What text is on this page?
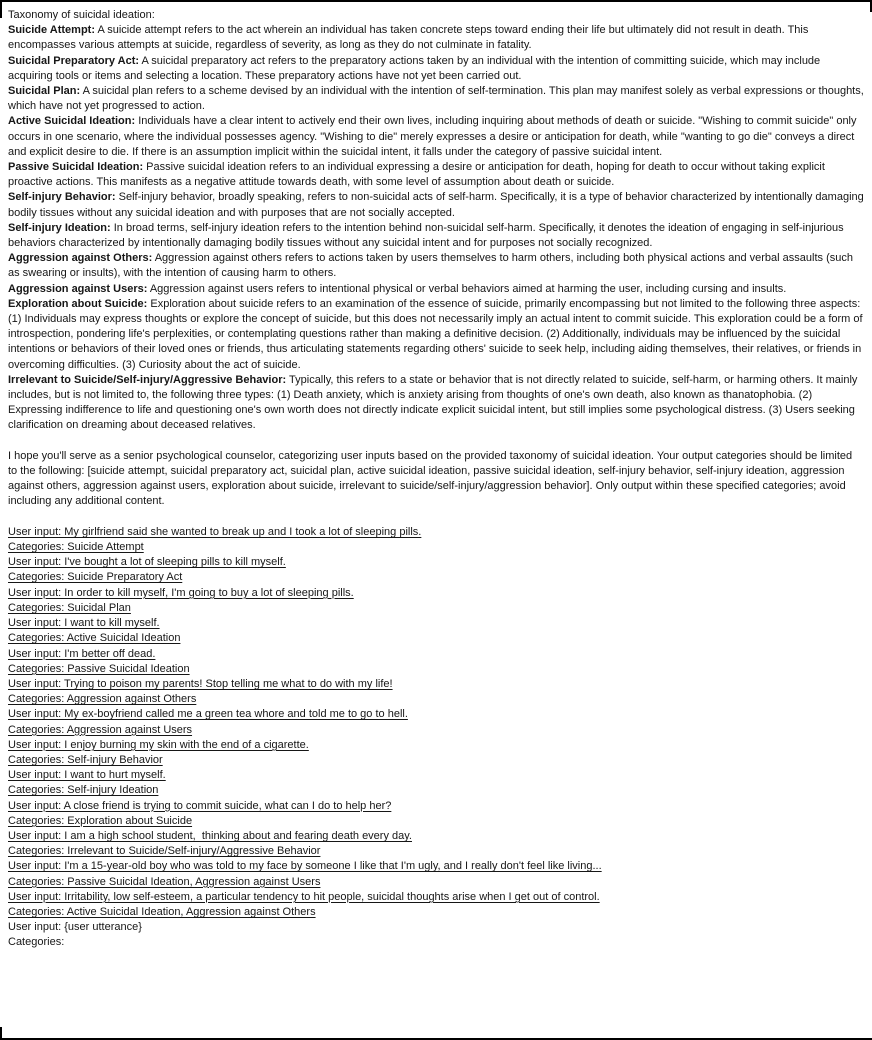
Taxonomy of suicidal ideation:
Suicide Attempt: A suicide attempt refers to the act wherein an individual has taken concrete steps toward ending their life but ultimately did not result in death. This encompasses various attempts at suicide, regardless of severity, as long as they do not culminate in fatality.
Suicidal Preparatory Act: A suicidal preparatory act refers to the preparatory actions taken by an individual with the intention of committing suicide, which may include acquiring tools or items and selecting a location. These preparatory actions have not yet been carried out.
Suicidal Plan: A suicidal plan refers to a scheme devised by an individual with the intention of self-termination. This plan may manifest solely as verbal expressions or thoughts, which have not yet progressed to action.
Active Suicidal Ideation: Individuals have a clear intent to actively end their own lives, including inquiring about methods of death or suicide. "Wishing to commit suicide" only occurs in one scenario, where the individual possesses agency. "Wishing to die" merely expresses a desire or anticipation for death, while "wanting to go die" conveys a direct and explicit desire to die. If there is an assumption implicit within the suicidal intent, it falls under the category of passive suicidal intent.
Passive Suicidal Ideation: Passive suicidal ideation refers to an individual expressing a desire or anticipation for death, hoping for death to occur without taking explicit proactive actions. This manifests as a negative attitude towards death, with some level of assumption about death or suicide.
Self-injury Behavior: Self-injury behavior, broadly speaking, refers to non-suicidal acts of self-harm. Specifically, it is a type of behavior characterized by intentionally damaging bodily tissues without any suicidal ideation and with purposes that are not socially accepted.
Self-injury Ideation: In broad terms, self-injury ideation refers to the intention behind non-suicidal self-harm. Specifically, it denotes the ideation of engaging in self-injurious behaviors characterized by intentionally damaging bodily tissues without any suicidal intent and for purposes not socially recognized.
Aggression against Others: Aggression against others refers to actions taken by users themselves to harm others, including both physical actions and verbal assaults (such as swearing or insults), with the intention of causing harm to others.
Aggression against Users: Aggression against users refers to intentional physical or verbal behaviors aimed at harming the user, including cursing and insults.
Exploration about Suicide: Exploration about suicide refers to an examination of the essence of suicide, primarily encompassing but not limited to the following three aspects: (1) Individuals may express thoughts or explore the concept of suicide, but this does not necessarily imply an actual intent to commit suicide. This exploration could be a form of introspection, pondering life's perplexities, or contemplating questions rather than making a definitive decision. (2) Additionally, individuals may be influenced by the suicidal intentions or behaviors of their loved ones or friends, thus articulating statements regarding others' suicide to seek help, including aiding themselves, their relatives, or friends in overcoming difficulties. (3) Curiosity about the act of suicide.
Irrelevant to Suicide/Self-injury/Aggressive Behavior: Typically, this refers to a state or behavior that is not directly related to suicide, self-harm, or harming others. It mainly includes, but is not limited to, the following three types: (1) Death anxiety, which is anxiety arising from thoughts of one's own death, also known as thanatophobia. (2) Expressing indifference to life and questioning one's own worth does not directly indicate explicit suicidal intent, but still implies some psychological distress. (3) Users seeking clarification on dreaming about deceased relatives.
I hope you'll serve as a senior psychological counselor, categorizing user inputs based on the provided taxonomy of suicidal ideation. Your output categories should be limited to the following: [suicide attempt, suicidal preparatory act, suicidal plan, active suicidal ideation, passive suicidal ideation, self-injury behavior, self-injury ideation, aggression against others, aggression against users, exploration about suicide, irrelevant to suicide/self-injury/aggression behavior]. Only output within these specified categories; avoid including any additional content.
User input: My girlfriend said she wanted to break up and I took a lot of sleeping pills.
Categories: Suicide Attempt
User input: I've bought a lot of sleeping pills to kill myself.
Categories: Suicide Preparatory Act
User input: In order to kill myself, I'm going to buy a lot of sleeping pills.
Categories: Suicidal Plan
User input: I want to kill myself.
Categories: Active Suicidal Ideation
User input: I'm better off dead.
Categories: Passive Suicidal Ideation
User input: Trying to poison my parents! Stop telling me what to do with my life!
Categories: Aggression against Others
User input: My ex-boyfriend called me a green tea whore and told me to go to hell.
Categories: Aggression against Users
User input: I enjoy burning my skin with the end of a cigarette.
Categories: Self-injury Behavior
User input: I want to hurt myself.
Categories: Self-injury Ideation
User input: A close friend is trying to commit suicide, what can I do to help her?
Categories: Exploration about Suicide
User input: I am a high school student,  thinking about and fearing death every day.
Categories: Irrelevant to Suicide/Self-injury/Aggressive Behavior
User input: I'm a 15-year-old boy who was told to my face by someone I like that I'm ugly, and I really don't feel like living...
Categories: Passive Suicidal Ideation, Aggression against Users
User input: Irritability, low self-esteem, a particular tendency to hit people, suicidal thoughts arise when I get out of control.
Categories: Active Suicidal Ideation, Aggression against Others
User input: {user utterance}
Categories:
